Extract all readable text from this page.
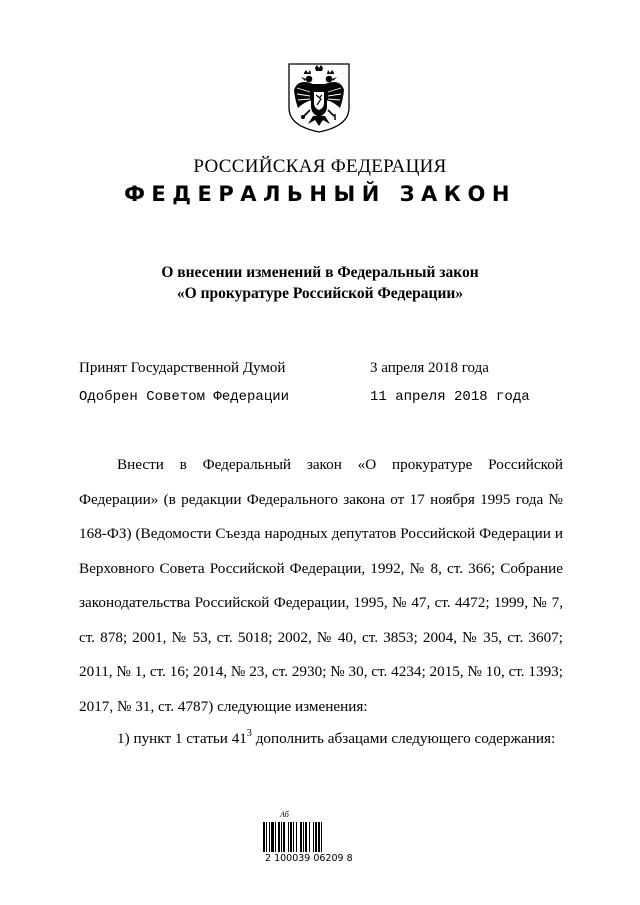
РОССИЙСКАЯ ФЕДЕРАЦИЯ
ФЕДЕРАЛЬНЫЙ ЗАКОН
О внесении изменений в Федеральный закон
«О прокуратуре Российской Федерации»
Принят Государственной Думой	3 апреля 2018 года
Одобрен Советом Федерации	11 апреля 2018 года

Внести в Федеральный закон «О прокуратуре Российской Федерации» (в редакции Федерального закона от 17 ноября 1995 года № 168-ФЗ) (Ведомости Съезда народных депутатов Российской Федерации и Верховного Совета Российской Федерации, 1992, № 8, ст. 366; Собрание законодательства Российской Федерации, 1995, № 47, ст. 4472; 1999, № 7, ст. 878; 2001, № 53, ст. 5018; 2002, № 40, ст. 3853; 2004, № 35, ст. 3607; 2011, № 1, ст. 16; 2014, № 23, ст. 2930; № 30, ст. 4234; 2015, № 10, ст. 1393; 2017, № 31, ст. 4787) следующие изменения:

1) пункт 1 статьи $41^3$ дополнить абзацами следующего содержания:

Аб
2 100039 06209 8
